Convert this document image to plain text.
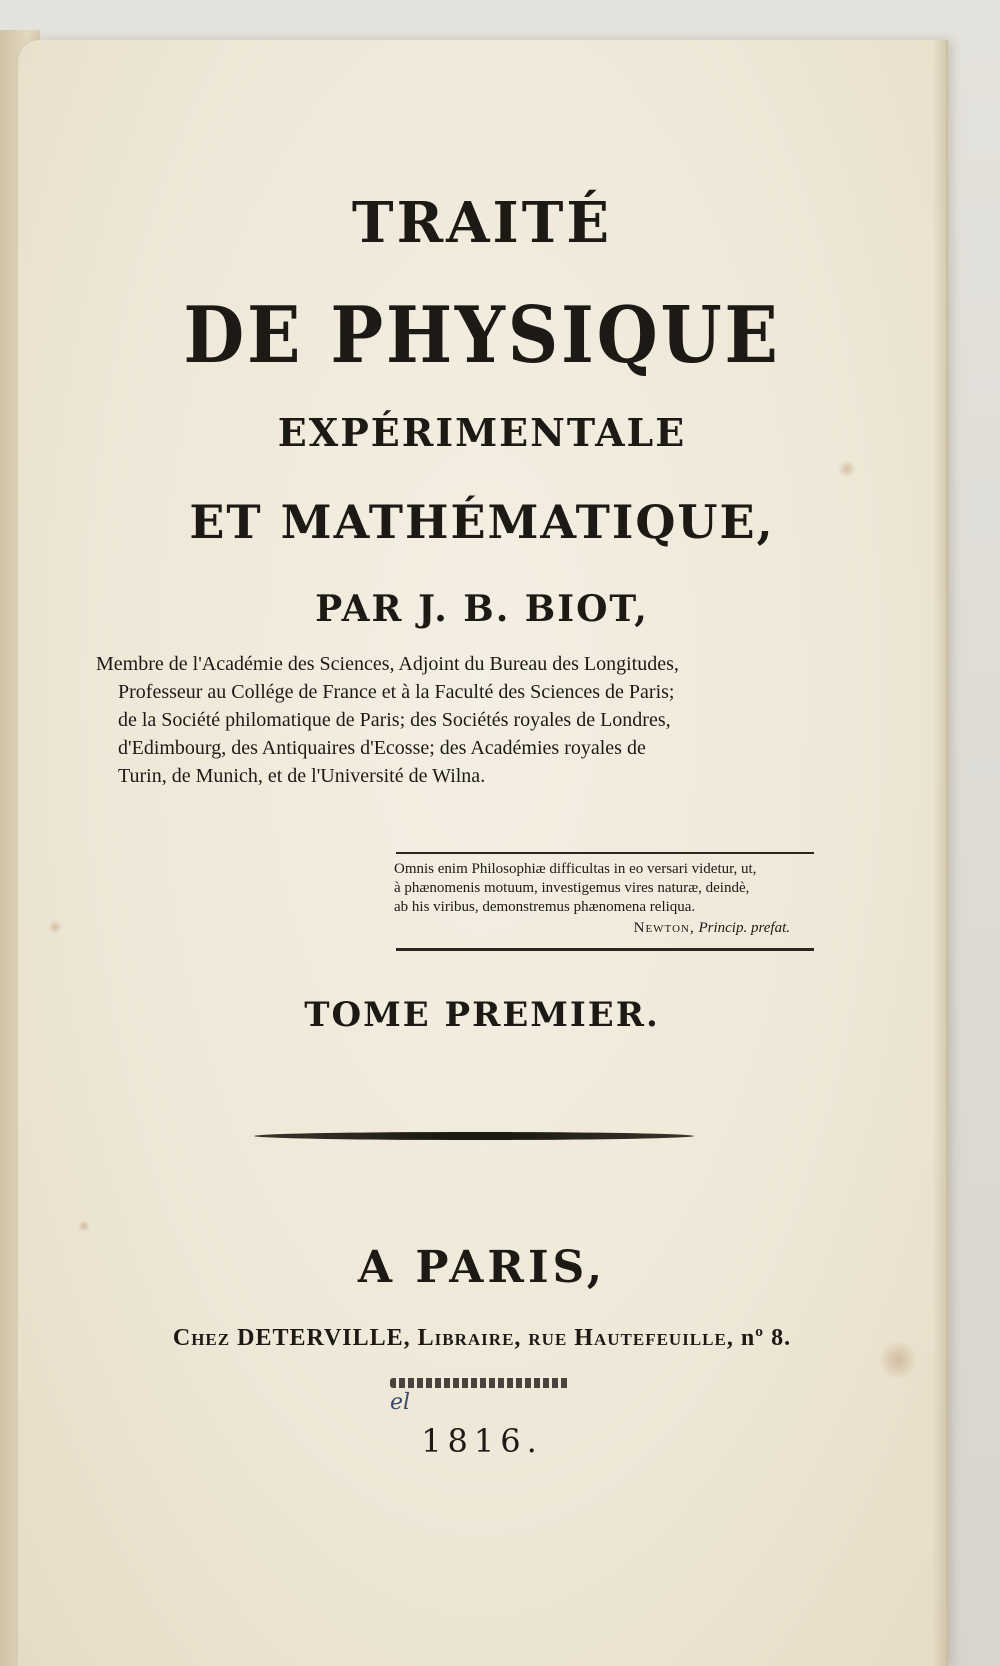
TRAITÉ
DE PHYSIQUE
EXPÉRIMENTALE
ET MATHÉMATIQUE,
PAR J. B. BIOT,
Membre de l'Académie des Sciences, Adjoint du Bureau des Longitudes,
Professeur au Collége de France et à la Faculté des Sciences de Paris;
de la Société philomatique de Paris; des Sociétés royales de Londres,
d'Edimbourg, des Antiquaires d'Ecosse; des Académies royales de
Turin, de Munich, et de l'Université de Wilna.
Omnis enim Philosophiæ difficultas in eo versari videtur, ut,
à phænomenis motuum, investigemus vires naturæ, deindè,
ab his viribus, demonstremus phænomena reliqua.
Newton, Princip. prefat.
TOME PREMIER.
A PARIS,
Chez DETERVILLE, Libraire, rue Hautefeuille, nº 8.
el
1816.
